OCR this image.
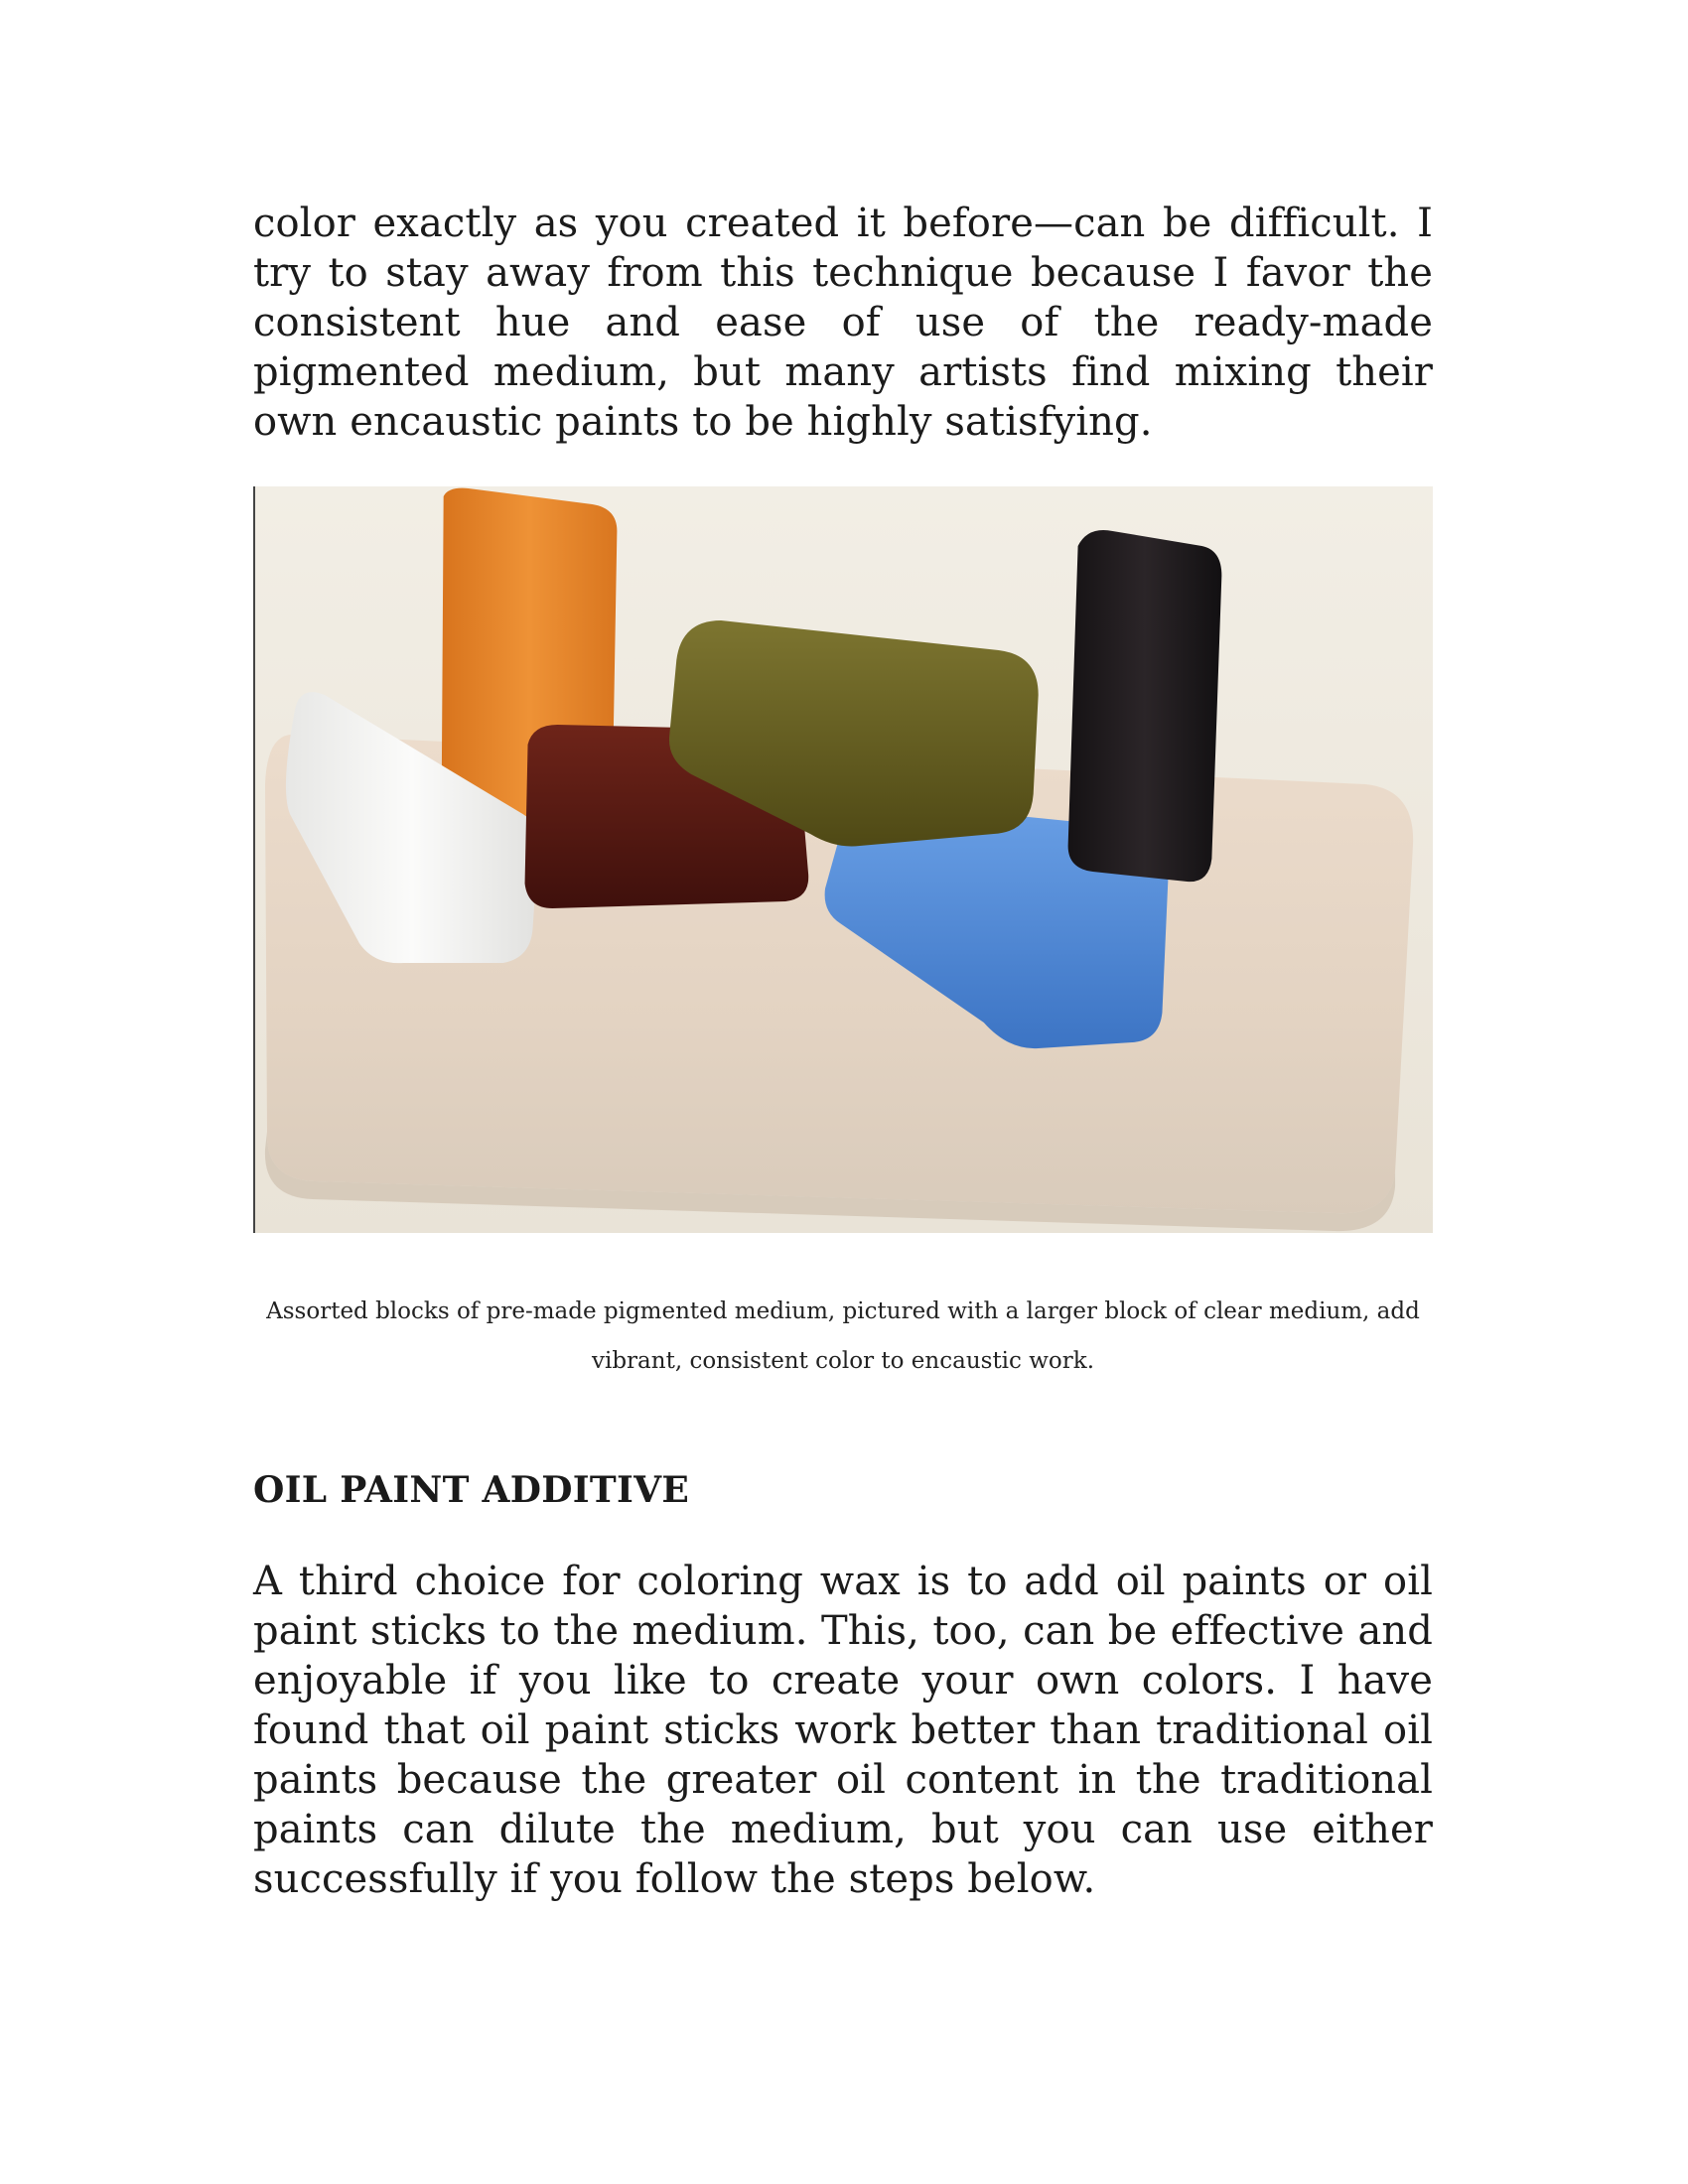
color exactly as you created it before—can be difficult. I try to stay away from this technique because I favor the consistent hue and ease of use of the ready-made pigmented medium, but many artists find mixing their own encaustic paints to be highly satisfying.

Assorted blocks of pre-made pigmented medium, pictured with a larger block of clear medium, add vibrant, consistent color to encaustic work.

OIL PAINT ADDITIVE

A third choice for coloring wax is to add oil paints or oil paint sticks to the medium. This, too, can be effective and enjoyable if you like to create your own colors. I have found that oil paint sticks work better than traditional oil paints because the greater oil content in the traditional paints can dilute the medium, but you can use either successfully if you follow the steps below.
